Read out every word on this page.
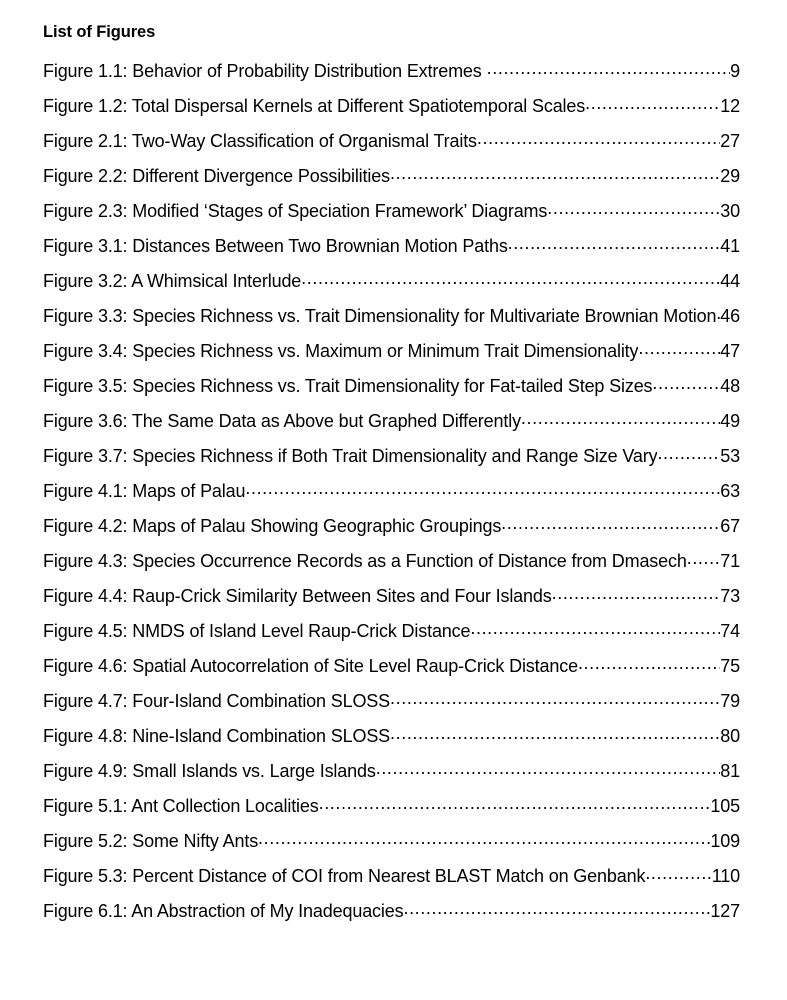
List of Figures
Figure 1.1: Behavior of Probability Distribution Extremes .....	9
Figure 1.2: Total Dispersal Kernels at Different Spatiotemporal Scales .....	12
Figure 2.1: Two-Way Classification of Organismal Traits .....	27
Figure 2.2: Different Divergence Possibilities .....	29
Figure 2.3: Modified ‘Stages of Speciation Framework’ Diagrams .....	30
Figure 3.1: Distances Between Two Brownian Motion Paths .....	41
Figure 3.2: A Whimsical Interlude .....	44
Figure 3.3: Species Richness vs. Trait Dimensionality for Multivariate Brownian Motion ..... 46
Figure 3.4: Species Richness vs. Maximum or Minimum Trait Dimensionality .....	47
Figure 3.5: Species Richness vs. Trait Dimensionality for Fat-tailed Step Sizes .....	48
Figure 3.6: The Same Data as Above but Graphed Differently .....	49
Figure 3.7: Species Richness if Both Trait Dimensionality and Range Size Vary .....	53
Figure 4.1: Maps of Palau .....	63
Figure 4.2: Maps of Palau Showing Geographic Groupings .....	67
Figure 4.3: Species Occurrence Records as a Function of Distance from Dmasech ..... 71
Figure 4.4: Raup-Crick Similarity Between Sites and Four Islands .....	73
Figure 4.5: NMDS of Island Level Raup-Crick Distance .....	74
Figure 4.6: Spatial Autocorrelation of Site Level Raup-Crick Distance .....	75
Figure 4.7: Four-Island Combination SLOSS .....	79
Figure 4.8: Nine-Island Combination SLOSS .....	80
Figure 4.9: Small Islands vs. Large Islands .....	81
Figure 5.1: Ant Collection Localities .....	105
Figure 5.2: Some Nifty Ants .....	109
Figure 5.3: Percent Distance of COI from Nearest BLAST Match on Genbank .....	110
Figure 6.1: An Abstraction of My Inadequacies .....	127
